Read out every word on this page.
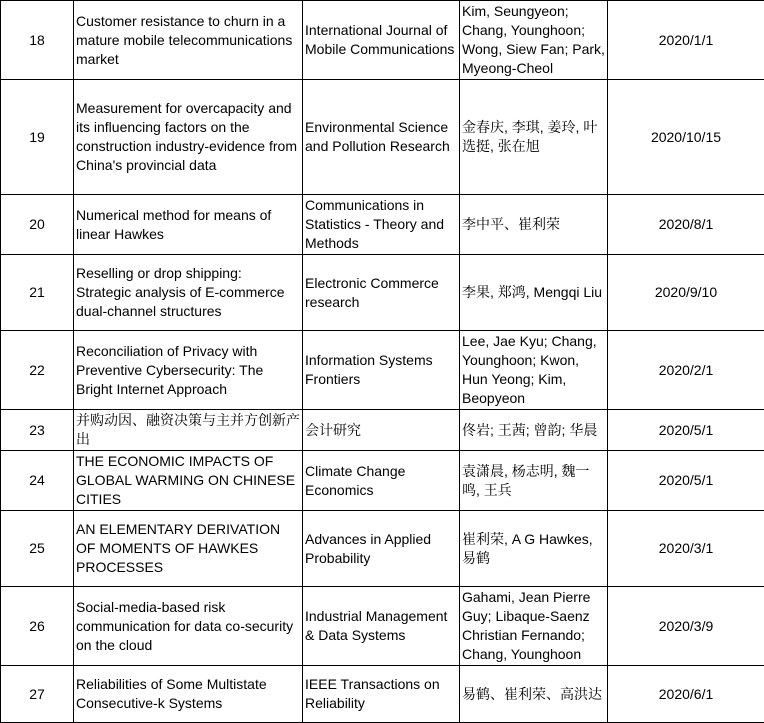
18	Customer resistance to churn in a mature mobile telecommunications market	International Journal of Mobile Communications	Kim, Seungyeon; Chang, Younghoon; Wong, Siew Fan; Park, Myeong-Cheol	2020/1/1
19	Measurement for overcapacity and its influencing factors on the construction industry-evidence from China's provincial data	Environmental Science and Pollution Research	金春庆, 李琪, 姜玲, 叶选挺, 张在旭	2020/10/15
20	Numerical method for means of linear Hawkes	Communications in Statistics - Theory and Methods	李中平、崔利荣	2020/8/1
21	Reselling or drop shipping: Strategic analysis of E-commerce dual-channel structures	Electronic Commerce research	李果, 郑鸿, Mengqi Liu	2020/9/10
22	Reconciliation of Privacy with Preventive Cybersecurity: The Bright Internet Approach	Information Systems Frontiers	Lee, Jae Kyu; Chang, Younghoon; Kwon, Hun Yeong; Kim, Beopyeon	2020/2/1
23	并购动因、融资决策与主并方创新产出	会计研究	佟岩; 王茜; 曾韵; 华晨	2020/5/1
24	THE ECONOMIC IMPACTS OF GLOBAL WARMING ON CHINESE CITIES	Climate Change Economics	袁潇晨, 杨志明, 魏一鸣, 王兵	2020/5/1
25	AN ELEMENTARY DERIVATION OF MOMENTS OF HAWKES PROCESSES	Advances in Applied Probability	崔利荣, A G Hawkes, 易鹤	2020/3/1
26	Social-media-based risk communication for data co-security on the cloud	Industrial Management & Data Systems	Gahami, Jean Pierre Guy; Libaque-Saenz Christian Fernando; Chang, Younghoon	2020/3/9
27	Reliabilities of Some Multistate Consecutive-k Systems	IEEE Transactions on Reliability	易鹤、崔利荣、高洪达	2020/6/1
